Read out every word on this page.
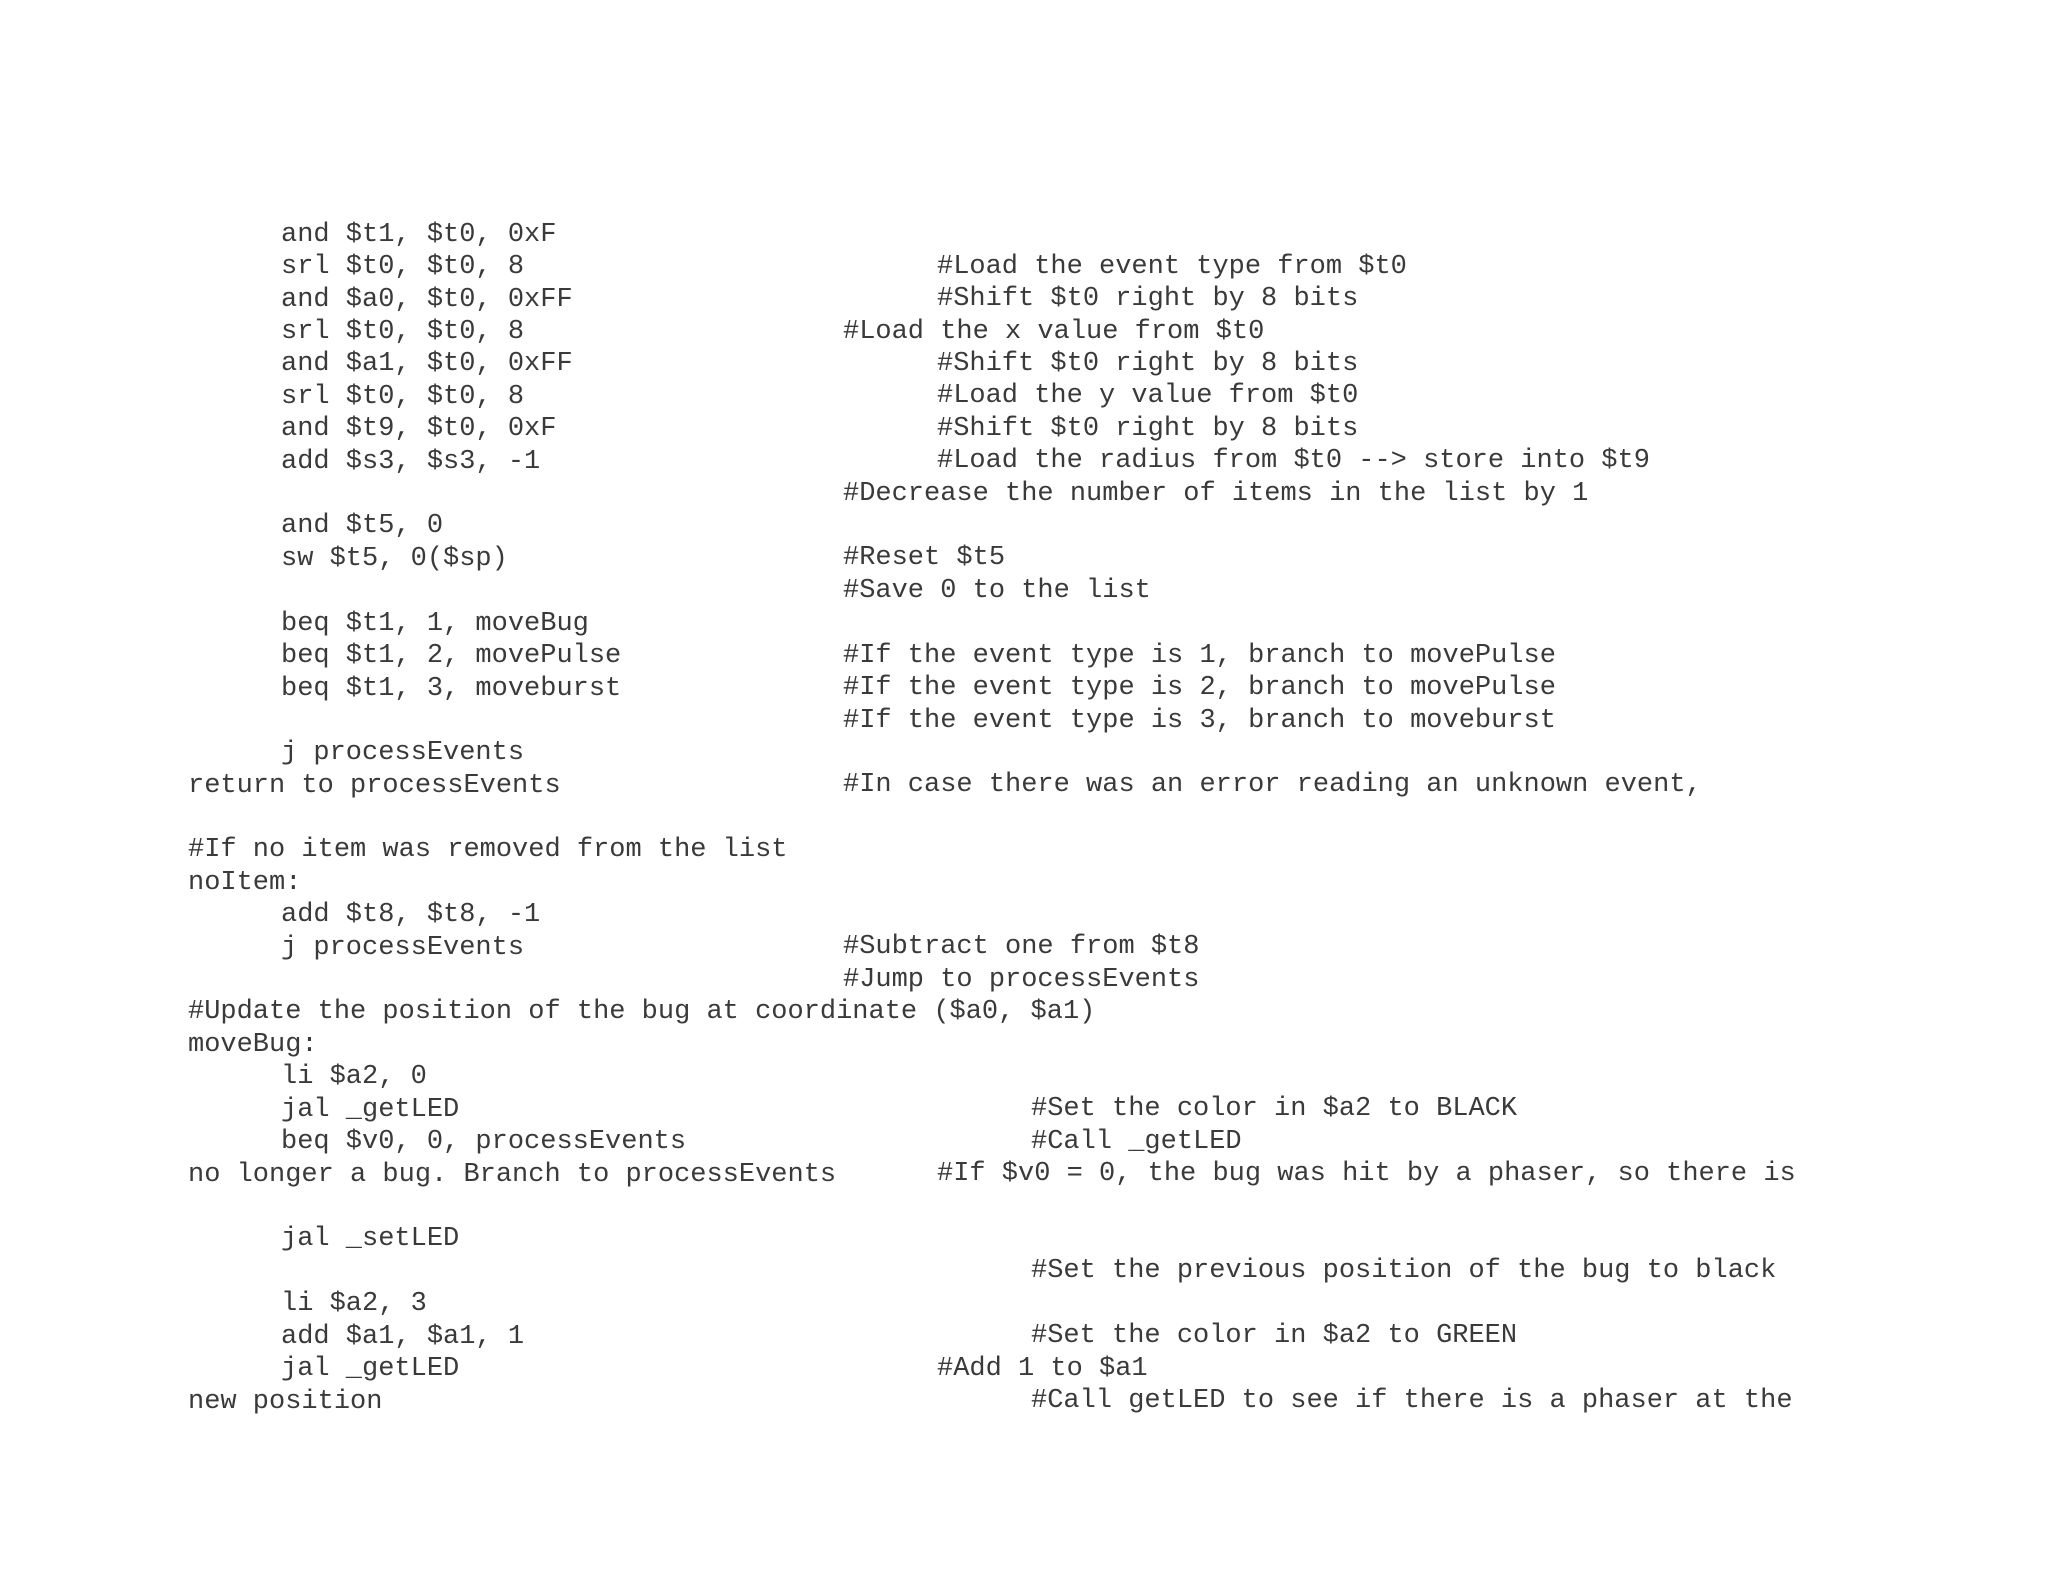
and $t1, $t0, 0xF

#Load the event type from $t0

srl $t0, $t0, 8

#Shift $t0 right by 8 bits

and $a0, $t0, 0xFF

#Load the x value from $t0

srl $t0, $t0, 8

#Shift $t0 right by 8 bits

and $a1, $t0, 0xFF

#Load the y value from $t0

srl $t0, $t0, 8

#Shift $t0 right by 8 bits

and $t9, $t0, 0xF

#Load the radius from $t0 --> store into $t9

add $s3, $s3, -1

#Decrease the number of items in the list by 1

and $t5, 0

#Reset $t5

sw $t5, 0($sp)

#Save 0 to the list

beq $t1, 1, moveBug

#If the event type is 1, branch to movePulse

beq $t1, 2, movePulse

#If the event type is 2, branch to movePulse

beq $t1, 3, moveburst

#If the event type is 3, branch to moveburst

j processEvents

#In case there was an error reading an unknown event,

return to processEvents

#If no item was removed from the list

noItem:

add $t8, $t8, -1

#Subtract one from $t8

j processEvents

#Jump to processEvents

#Update the position of the bug at coordinate ($a0, $a1)

moveBug:

li $a2, 0

#Set the color in $a2 to BLACK

jal _getLED

#Call _getLED

beq $v0, 0, processEvents

#If $v0 = 0, the bug was hit by a phaser, so there is

no longer a bug. Branch to processEvents

jal _setLED

#Set the previous position of the bug to black

li $a2, 3

#Set the color in $a2 to GREEN

add $a1, $a1, 1

#Add 1 to $a1

jal _getLED

#Call getLED to see if there is a phaser at the

new position
